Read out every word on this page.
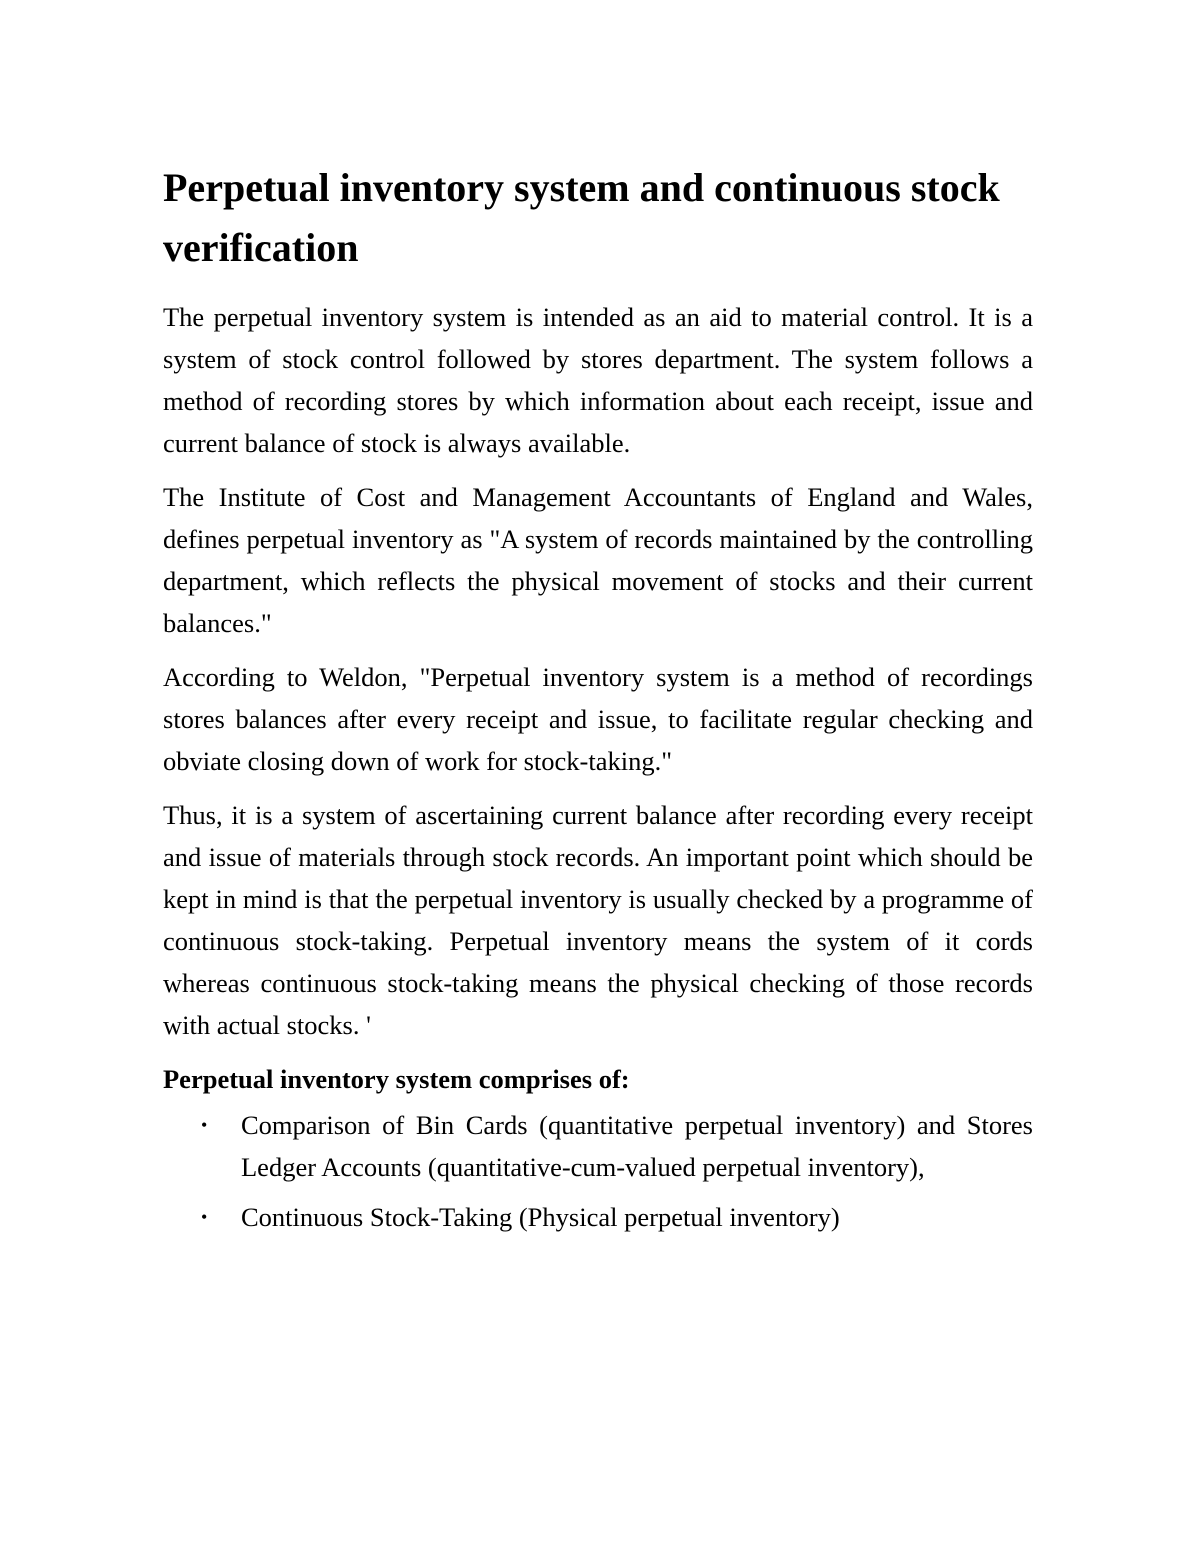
Perpetual inventory system and continuous stock verification

The perpetual inventory system is intended as an aid to material control. It is a system of stock control followed by stores department. The system follows a method of recording stores by which information about each receipt, issue and current balance of stock is always available.

The Institute of Cost and Management Accountants of England and Wales, defines perpetual inventory as "A system of records maintained by the controlling department, which reflects the physical movement of stocks and their current balances."

According to Weldon, "Perpetual inventory system is a method of recordings stores balances after every receipt and issue, to facilitate regular checking and obviate closing down of work for stock-taking."

Thus, it is a system of ascertaining current balance after recording every receipt and issue of materials through stock records. An important point which should be kept in mind is that the perpetual inventory is usually checked by a programme of continuous stock-taking. Perpetual inventory means the system of it cords whereas continuous stock-taking means the physical checking of those records with actual stocks. '

Perpetual inventory system comprises of:

• Comparison of Bin Cards (quantitative perpetual inventory) and Stores Ledger Accounts (quantitative-cum-valued perpetual inventory),
• Continuous Stock-Taking (Physical perpetual inventory)
